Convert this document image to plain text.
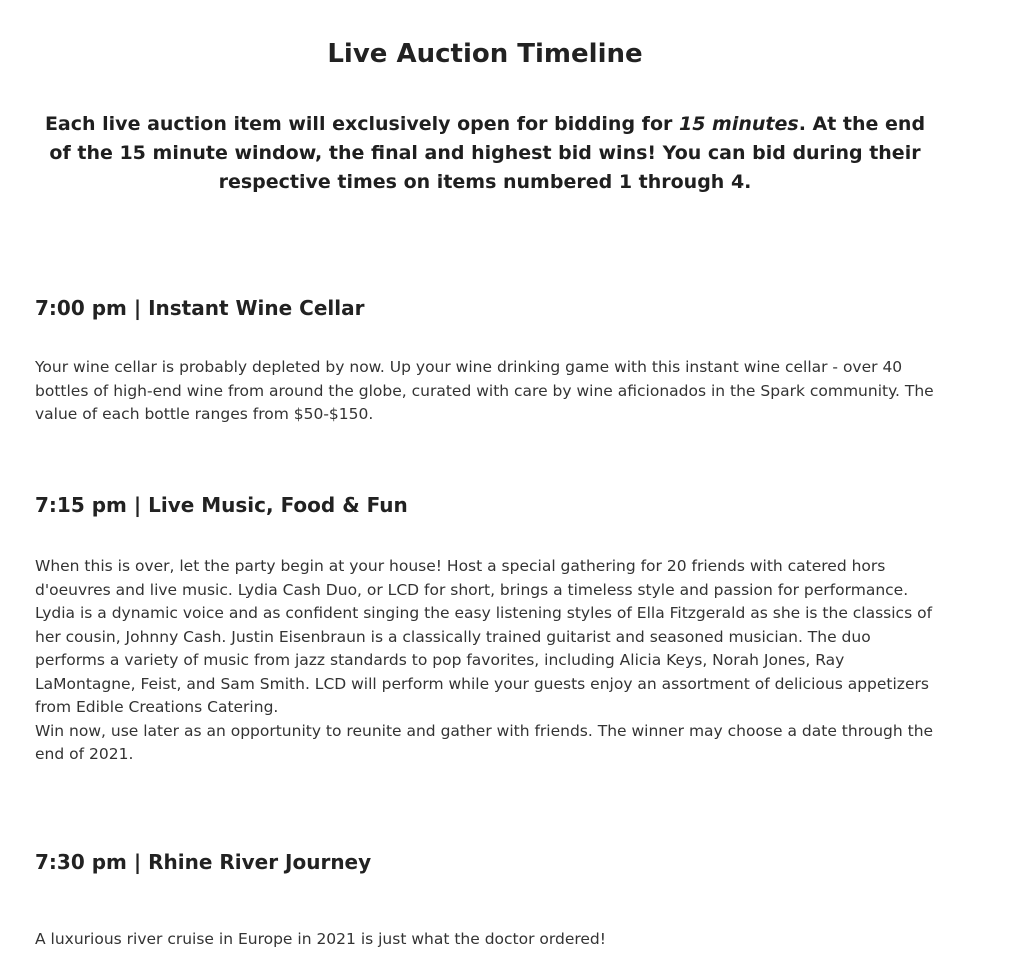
Live Auction Timeline

Each live auction item will exclusively open for bidding for 15 minutes. At the end of the 15 minute window, the final and highest bid wins! You can bid during their respective times on items numbered 1 through 4.

7:00 pm | Instant Wine Cellar
Your wine cellar is probably depleted by now. Up your wine drinking game with this instant wine cellar - over 40 bottles of high-end wine from around the globe, curated with care by wine aficionados in the Spark community. The value of each bottle ranges from $50-$150.
7:15 pm | Live Music, Food & Fun
When this is over, let the party begin at your house! Host a special gathering for 20 friends with catered hors d'oeuvres and live music. Lydia Cash Duo, or LCD for short, brings a timeless style and passion for performance. Lydia is a dynamic voice and as confident singing the easy listening styles of Ella Fitzgerald as she is the classics of her cousin, Johnny Cash. Justin Eisenbraun is a classically trained guitarist and seasoned musician. The duo performs a variety of music from jazz standards to pop favorites, including Alicia Keys, Norah Jones, Ray LaMontagne, Feist, and Sam Smith. LCD will perform while your guests enjoy an assortment of delicious appetizers from Edible Creations Catering.
Win now, use later as an opportunity to reunite and gather with friends. The winner may choose a date through the end of 2021.
7:30 pm | Rhine River Journey
A luxurious river cruise in Europe in 2021 is just what the doctor ordered!
